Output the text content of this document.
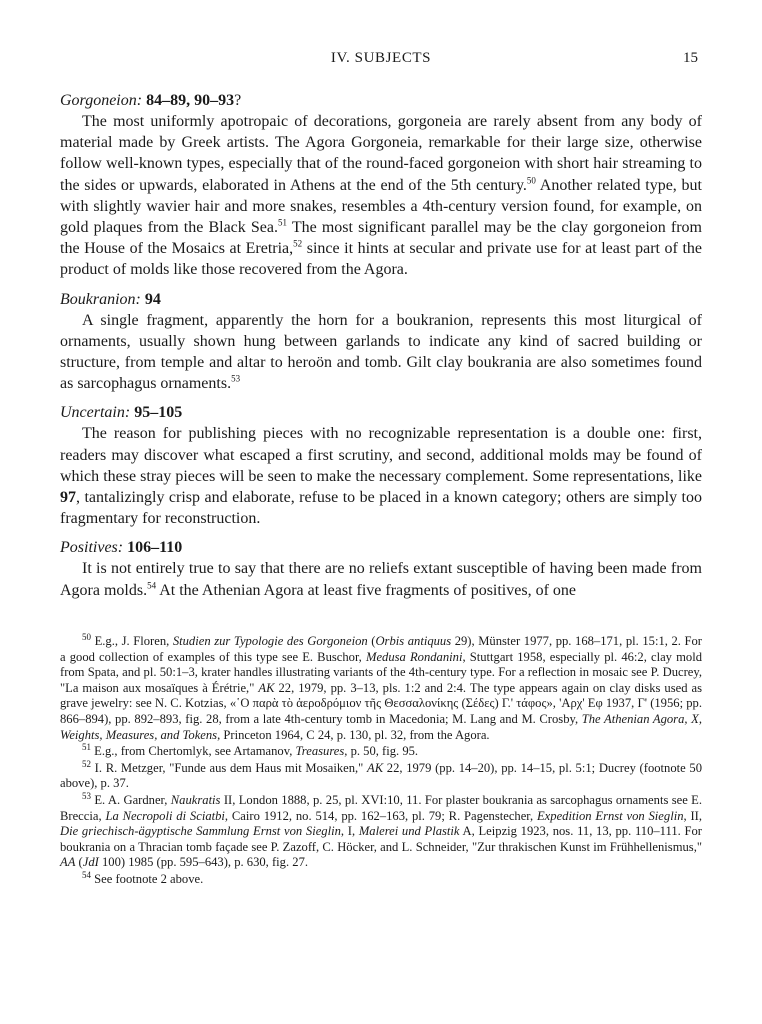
IV. SUBJECTS	15

Gorgoneion: 84–89, 90–93?

The most uniformly apotropaic of decorations, gorgoneia are rarely absent from any body of material made by Greek artists. The Agora Gorgoneia, remarkable for their large size, otherwise follow well-known types, especially that of the round-faced gorgoneion with short hair streaming to the sides or upwards, elaborated in Athens at the end of the 5th century.$^{50}$ Another related type, but with slightly wavier hair and more snakes, resembles a 4th-century version found, for example, on gold plaques from the Black Sea.$^{51}$ The most significant parallel may be the clay gorgoneion from the House of the Mosaics at Eretria,$^{52}$ since it hints at secular and private use for at least part of the product of molds like those recovered from the Agora.

Boukranion: 94

A single fragment, apparently the horn for a boukranion, represents this most liturgical of ornaments, usually shown hung between garlands to indicate any kind of sacred building or structure, from temple and altar to heroön and tomb. Gilt clay boukrania are also sometimes found as sarcophagus ornaments.$^{53}$

Uncertain: 95–105

The reason for publishing pieces with no recognizable representation is a double one: first, readers may discover what escaped a first scrutiny, and second, additional molds may be found of which these stray pieces will be seen to make the necessary complement. Some representations, like 97, tantalizingly crisp and elaborate, refuse to be placed in a known category; others are simply too fragmentary for reconstruction.

Positives: 106–110

It is not entirely true to say that there are no reliefs extant susceptible of having been made from Agora molds.$^{54}$ At the Athenian Agora at least five fragments of positives, of one

$^{50}$ E.g., J. Floren, Studien zur Typologie des Gorgoneion (Orbis antiquus 29), Münster 1977, pp. 168–171, pl. 15:1, 2. For a good collection of examples of this type see E. Buschor, Medusa Rondanini, Stuttgart 1958, especially pl. 46:2, clay mold from Spata, and pl. 50:1–3, krater handles illustrating variants of the 4th-century type. For a reflection in mosaic see P. Ducrey, "La maison aux mosaïques à Érétrie," AK 22, 1979, pp. 3–13, pls. 1:2 and 2:4. The type appears again on clay disks used as grave jewelry: see N. C. Kotzias, «῾Ο παρὰ τὸ ἀεροδρόμιον τῆς Θεσσαλονίκης (Σέδες) Γ.' τάφος», 'Αρχ' Εφ 1937, Γ' (1956; pp. 866–894), pp. 892–893, fig. 28, from a late 4th-century tomb in Macedonia; M. Lang and M. Crosby, The Athenian Agora, X, Weights, Measures, and Tokens, Princeton 1964, C 24, p. 130, pl. 32, from the Agora.

$^{51}$ E.g., from Chertomlyk, see Artamanov, Treasures, p. 50, fig. 95.

$^{52}$ I. R. Metzger, "Funde aus dem Haus mit Mosaiken," AK 22, 1979 (pp. 14–20), pp. 14–15, pl. 5:1; Ducrey (footnote 50 above), p. 37.

$^{53}$ E. A. Gardner, Naukratis II, London 1888, p. 25, pl. XVI:10, 11. For plaster boukrania as sarcophagus ornaments see E. Breccia, La Necropoli di Sciatbi, Cairo 1912, no. 514, pp. 162–163, pl. 79; R. Pagenstecher, Expedition Ernst von Sieglin, II, Die griechisch-ägyptische Sammlung Ernst von Sieglin, I, Malerei und Plastik A, Leipzig 1923, nos. 11, 13, pp. 110–111. For boukrania on a Thracian tomb façade see P. Zazoff, C. Höcker, and L. Schneider, "Zur thrakischen Kunst im Frühhellenismus," AA (JdI 100) 1985 (pp. 595–643), p. 630, fig. 27.

$^{54}$ See footnote 2 above.
